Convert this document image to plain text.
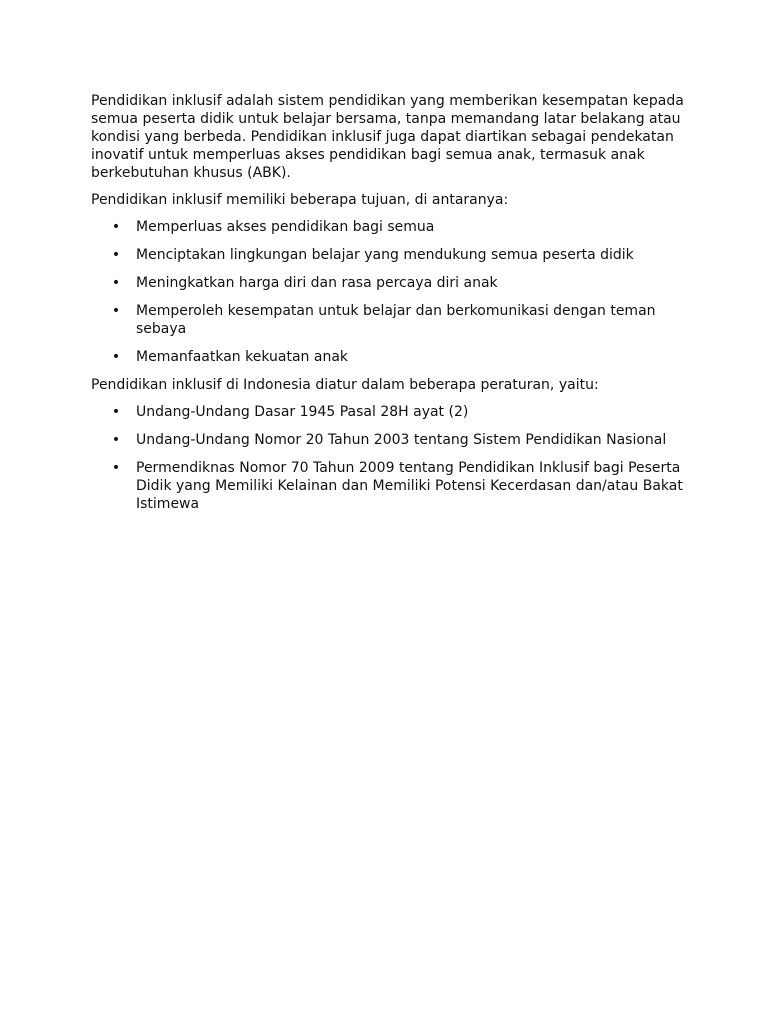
Pendidikan inklusif adalah sistem pendidikan yang memberikan kesempatan kepada semua peserta didik untuk belajar bersama, tanpa memandang latar belakang atau kondisi yang berbeda. Pendidikan inklusif juga dapat diartikan sebagai pendekatan inovatif untuk memperluas akses pendidikan bagi semua anak, termasuk anak berkebutuhan khusus (ABK).

Pendidikan inklusif memiliki beberapa tujuan, di antaranya:

• Memperluas akses pendidikan bagi semua
• Menciptakan lingkungan belajar yang mendukung semua peserta didik
• Meningkatkan harga diri dan rasa percaya diri anak
• Memperoleh kesempatan untuk belajar dan berkomunikasi dengan teman sebaya
• Memanfaatkan kekuatan anak

Pendidikan inklusif di Indonesia diatur dalam beberapa peraturan, yaitu:

• Undang-Undang Dasar 1945 Pasal 28H ayat (2)
• Undang-Undang Nomor 20 Tahun 2003 tentang Sistem Pendidikan Nasional
• Permendiknas Nomor 70 Tahun 2009 tentang Pendidikan Inklusif bagi Peserta Didik yang Memiliki Kelainan dan Memiliki Potensi Kecerdasan dan/atau Bakat Istimewa
